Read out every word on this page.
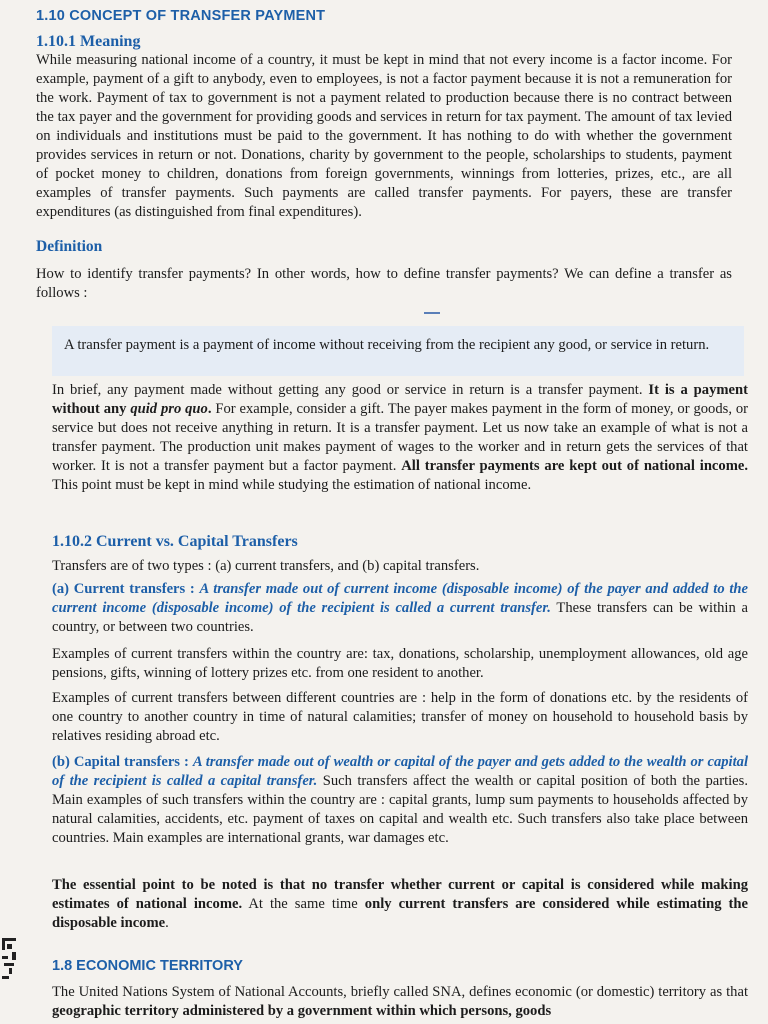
1.10 CONCEPT OF TRANSFER PAYMENT
1.10.1 Meaning

While measuring national income of a country, it must be kept in mind that not every income is a factor income. For example, payment of a gift to anybody, even to employees, is not a factor payment because it is not a remuneration for the work. Payment of tax to government is not a payment related to production because there is no contract between the tax payer and the government for providing goods and services in return for tax payment. The amount of tax levied on individuals and institutions must be paid to the government. It has nothing to do with whether the government provides services in return or not. Donations, charity by government to the people, scholarships to students, payment of pocket money to children, donations from foreign governments, winnings from lotteries, prizes, etc., are all examples of transfer payments. Such payments are called transfer payments. For payers, these are transfer expenditures (as distinguished from final expenditures).

Definition

How to identify transfer payments? In other words, how to define transfer payments? We can define a transfer as follows :

A transfer payment is a payment of income without receiving from the recipient any good, or service in return.

In brief, any payment made without getting any good or service in return is a transfer payment. It is a payment without any quid pro quo. For example, consider a gift. The payer makes payment in the form of money, or goods, or service but does not receive anything in return. It is a transfer payment. Let us now take an example of what is not a transfer payment. The production unit makes payment of wages to the worker and in return gets the services of that worker. It is not a transfer payment but a factor payment. All transfer payments are kept out of national income. This point must be kept in mind while studying the estimation of national income.

1.10.2 Current vs. Capital Transfers

Transfers are of two types : (a) current transfers, and (b) capital transfers.

(a) Current transfers : A transfer made out of current income (disposable income) of the payer and added to the current income (disposable income) of the recipient is called a current transfer. These transfers can be within a country, or between two countries.

Examples of current transfers within the country are: tax, donations, scholarship, unemployment allowances, old age pensions, gifts, winning of lottery prizes etc. from one resident to another.

Examples of current transfers between different countries are : help in the form of donations etc. by the residents of one country to another country in time of natural calamities; transfer of money on household to household basis by relatives residing abroad etc.

(b) Capital transfers : A transfer made out of wealth or capital of the payer and gets added to the wealth or capital of the recipient is called a capital transfer. Such transfers affect the wealth or capital position of both the parties. Main examples of such transfers within the country are : capital grants, lump sum payments to households affected by natural calamities, accidents, etc. payment of taxes on capital and wealth etc. Such transfers also take place between countries. Main examples are international grants, war damages etc.

The essential point to be noted is that no transfer whether current or capital is considered while making estimates of national income. At the same time only current transfers are considered while estimating the disposable income.

1.8 ECONOMIC TERRITORY

The United Nations System of National Accounts, briefly called SNA, defines economic (or domestic) territory as that geographic territory administered by a government within which persons, goods
